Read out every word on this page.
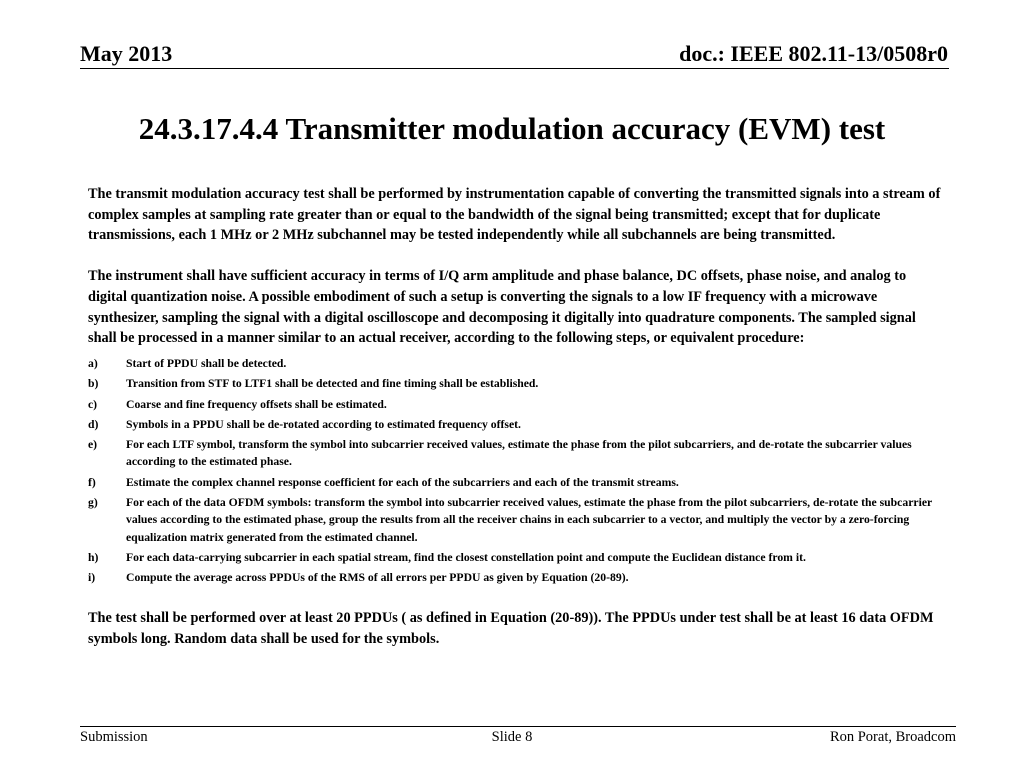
May 2013	doc.: IEEE 802.11-13/0508r0
24.3.17.4.4 Transmitter modulation accuracy (EVM) test

The transmit modulation accuracy test shall be performed by instrumentation capable of converting the transmitted signals into a stream of complex samples at sampling rate greater than or equal to the bandwidth of the signal being transmitted; except that for duplicate transmissions, each 1 MHz or 2 MHz subchannel may be tested independently while all subchannels are being transmitted.

The instrument shall have sufficient accuracy in terms of I/Q arm amplitude and phase balance, DC offsets, phase noise, and analog to digital quantization noise. A possible embodiment of such a setup is converting the signals to a low IF frequency with a microwave synthesizer, sampling the signal with a digital oscilloscope and decomposing it digitally into quadrature components. The sampled signal shall be processed in a manner similar to an actual receiver, according to the following steps, or equivalent procedure:

a)	Start of PPDU shall be detected.
b)	Transition from STF to LTF1 shall be detected and fine timing shall be established.
c)	Coarse and fine frequency offsets shall be estimated.
d)	Symbols in a PPDU shall be de-rotated according to estimated frequency offset.
e)	For each LTF symbol, transform the symbol into subcarrier received values, estimate the phase from the pilot subcarriers, and de-rotate the subcarrier values according to the estimated phase.
f)	Estimate the complex channel response coefficient for each of the subcarriers and each of the transmit streams.
g)	For each of the data OFDM symbols: transform the symbol into subcarrier received values, estimate the phase from the pilot subcarriers, de-rotate the subcarrier values according to the estimated phase, group the results from all the receiver chains in each subcarrier to a vector, and multiply the vector by a zero-forcing equalization matrix generated from the estimated channel.
h)	For each data-carrying subcarrier in each spatial stream, find the closest constellation point and compute the Euclidean distance from it.
i)	Compute the average across PPDUs of the RMS of all errors per PPDU as given by Equation (20-89).

The test shall be performed over at least 20 PPDUs ( as defined in Equation (20-89)). The PPDUs under test shall be at least 16 data OFDM symbols long. Random data shall be used for the symbols.

Submission	Slide 8	Ron Porat, Broadcom
